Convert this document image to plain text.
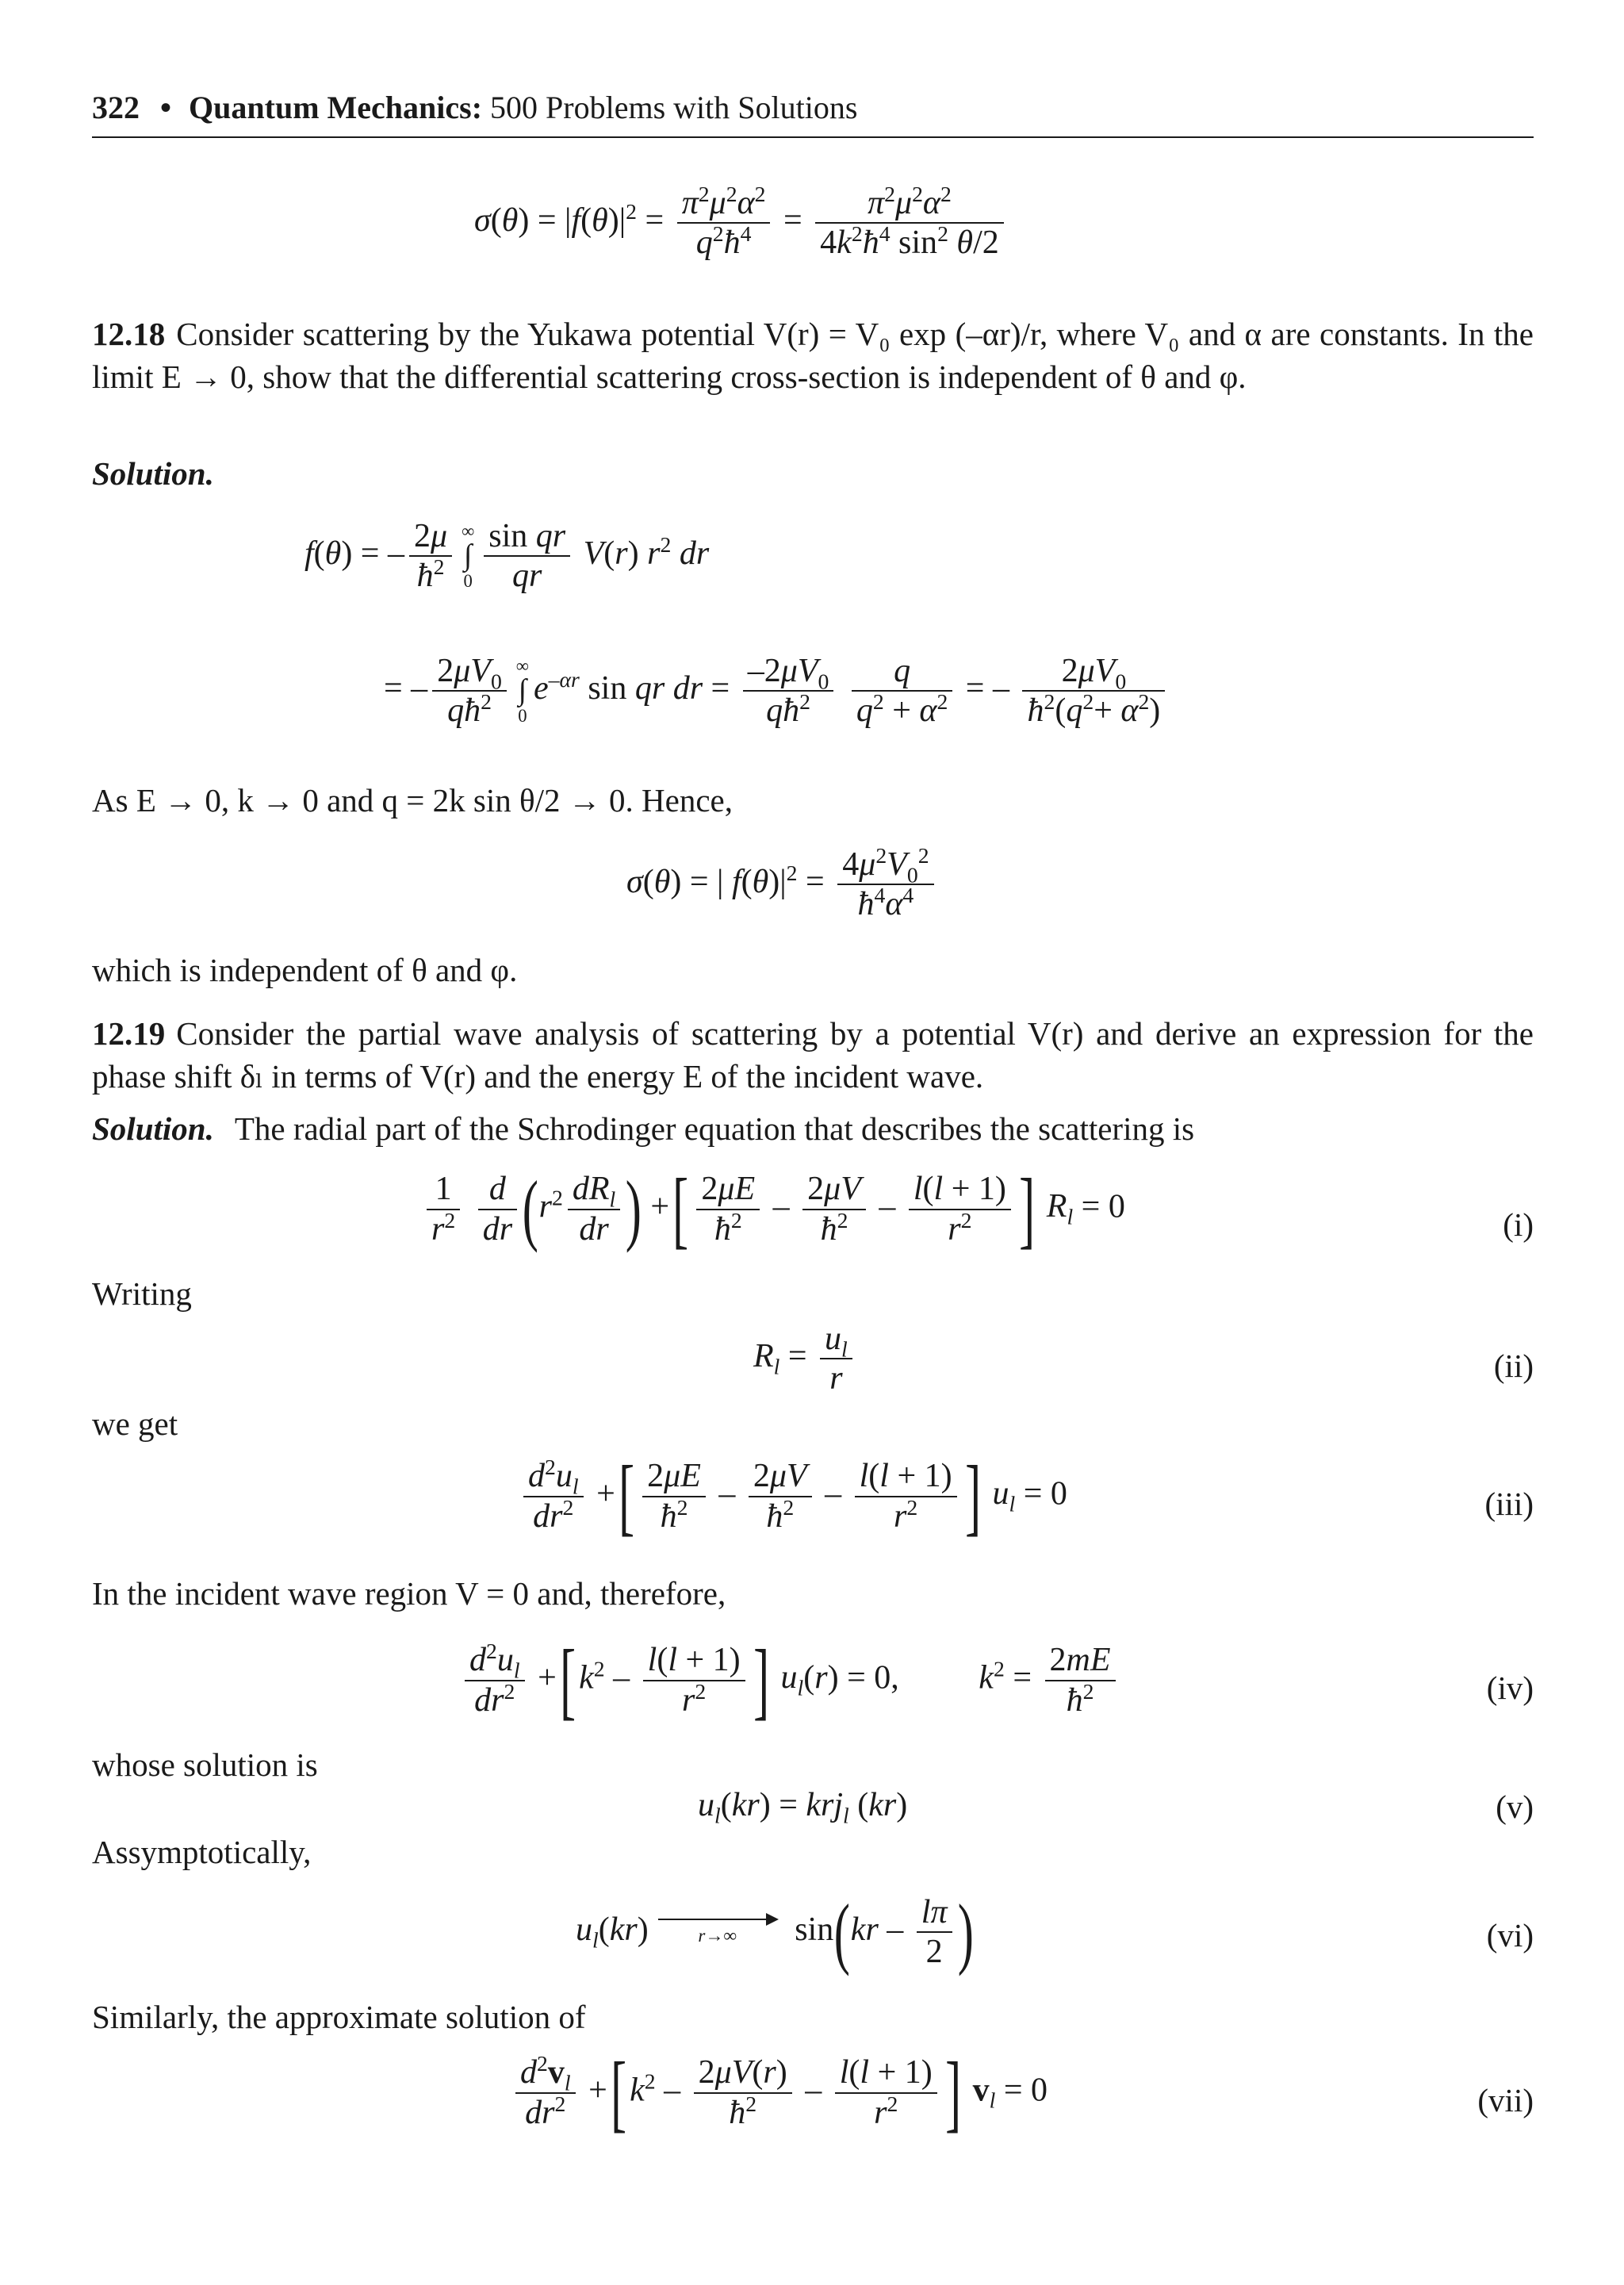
322 • Quantum Mechanics: 500 Problems with Solutions
$\sigma(\theta) = |f(\theta)|^2 = \frac{\pi^2\mu^2\alpha^2}{q^2ħ^4} = \frac{\pi^2\mu^2\alpha^2}{4k^2ħ^4 \sin^2 \theta/2}$
12.18 Consider scattering by the Yukawa potential V(r) = V₀ exp (–αr)/r, where V₀ and α are constants. In the limit E → 0, show that the differential scattering cross-section is independent of θ and φ.
Solution.
f(θ) = – $\frac{2\mu}{ħ^2}$ ∞
∫
$0 \frac{\text{sin qr}}{qr} V(r)$ $r^2$ dr
= – $\frac{2\mu V_0}{qħ^2}$ ∞
∫
0
$e^{-\alpha r}$ sin qr dr = $\frac{-2\mu V_0}{qħ^2}$
$\frac{q}{q^2 + \alpha^2}$ = – $\frac{2\mu V_0}{ħ^2(q^2+ \alpha^2)}$
As E → 0, k → 0 and q = 2k sin θ/2 → 0. Hence,
σ(θ) = | $f(\theta)|^2 = \frac{4\mu^2V_0^2}{ħ^4\alpha^4}$
which is independent of θ and φ.
12.19 Consider the partial wave analysis of scattering by a potential V(r) and derive an expression for the phase shift δₗ in terms of V(r) and the energy E of the incident wave.
Solution. The radial part of the Schrodinger equation that describes the scattering is
$\frac{1}{r^2}$
$\frac{d}{dr} (r^2 \frac{dR_l}{dr}$ ) +[ $\frac{2\mu E}{ħ^2} - \frac{2\mu V}{ħ^2} - \frac{l(l + 1)}{r^2}$ ] $R_l = 0$	(i)
Writing
$R_l = \frac{u_l}{r}$	(ii)
we get
$\frac{d^2u_l}{dr^2}$ +[ $\frac{2\mu E}{ħ^2} - \frac{2\mu V}{ħ^2} - \frac{l(l + 1)}{r^2}$ ] $u_l = 0$	(iii)
In the incident wave region V = 0 and, therefore,
$\frac{d^2u_l}{dr^2} +[k^2 - \frac{l(l + 1)}{r^2}$ ] $u_l(r) = 0$, $k^2 = \frac{2mE}{ħ^2}$	(iv)
whose solution is
$u_l(kr) = krj_l$ (kr)	(v)
Assymptotically,
$u_l(kr)$	r→∞	$\sin(kr - \frac{l\pi}{2}$ )	(vi)
Similarly, the approximate solution of
$\frac{d^2v_l}{dr^2} +[k^2 - \frac{2\mu V(r)}{ħ^2} - \frac{l(l + 1)}{r^2}$ ] $v_l = 0$	(vii)
